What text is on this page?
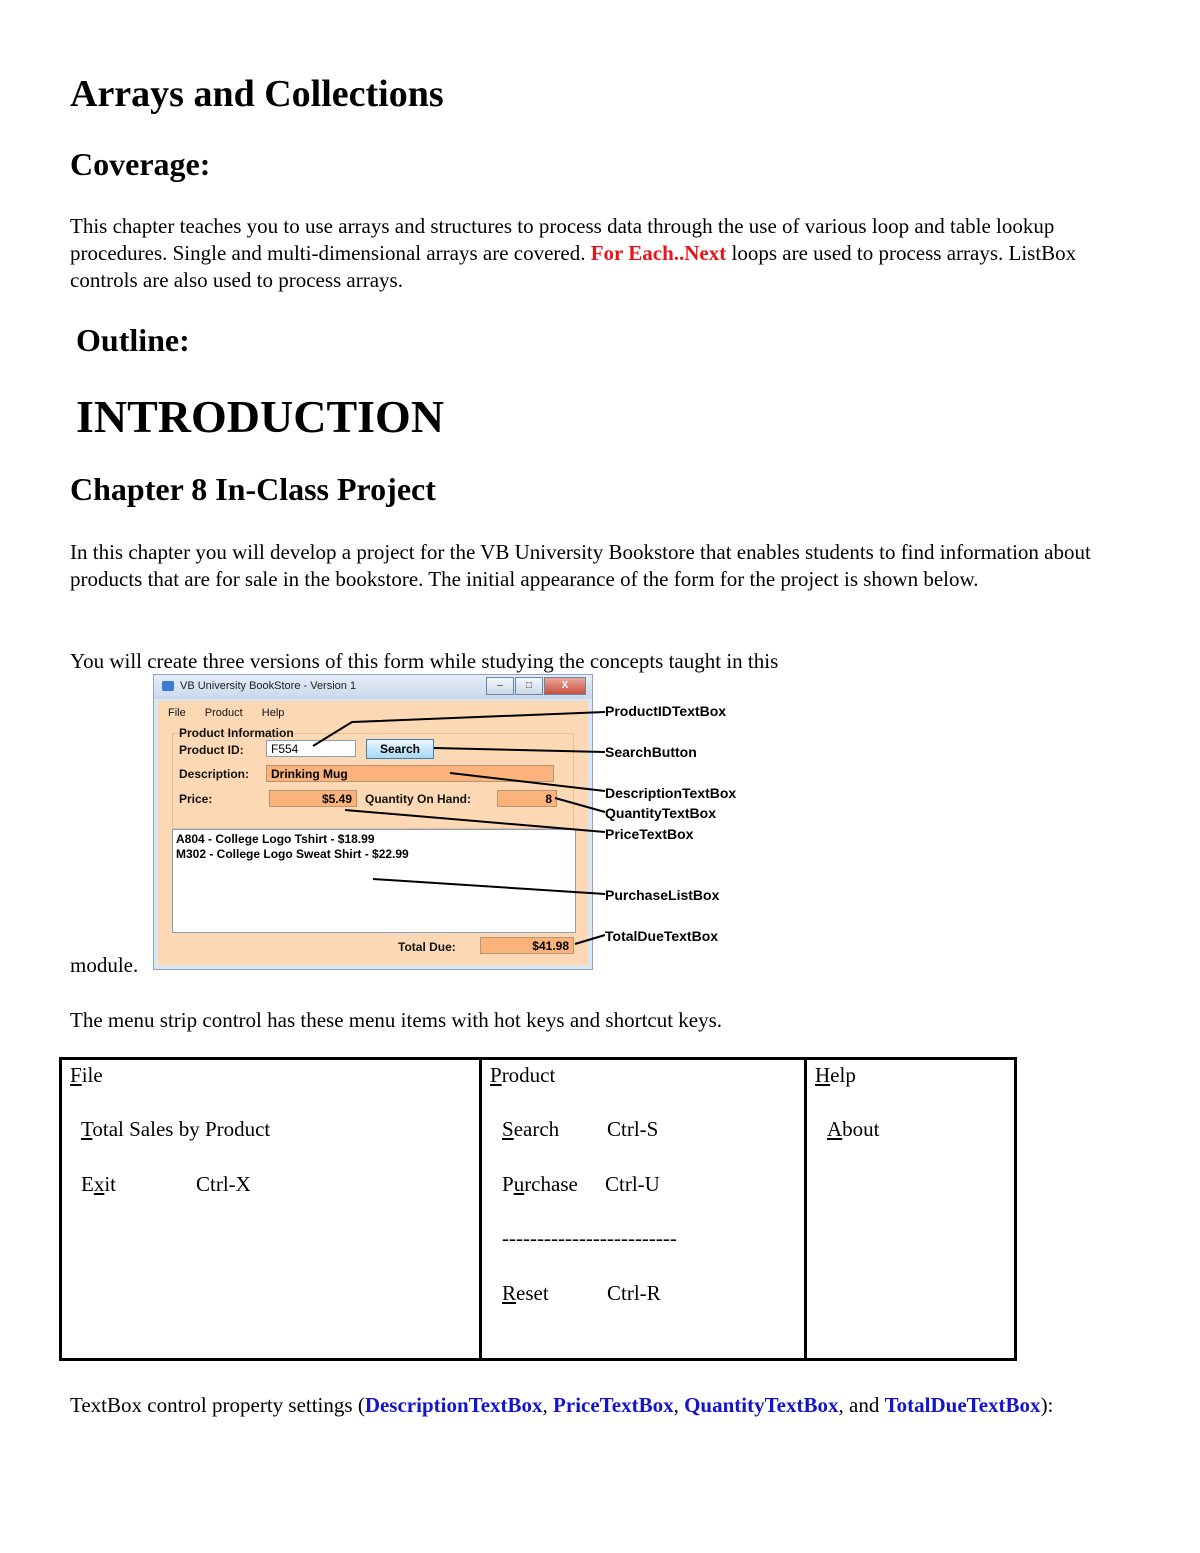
Arrays and Collections
Coverage:

This chapter teaches you to use arrays and structures to process data through the use of various loop and table lookup procedures. Single and multi-dimensional arrays are covered. For Each..Next loops are used to process arrays. ListBox controls are also used to process arrays.

Outline:
INTRODUCTION
Chapter 8 In-Class Project

In this chapter you will develop a project for the VB University Bookstore that enables students to find information about products that are for sale in the bookstore. The initial appearance of the form for the project is shown below.

You will create three versions of this form while studying the concepts taught in this

module.

VB University BookStore - Version 1	–	□	X
File Product Help
Product Information
Product ID:	F554	Search
Description:	Drinking Mug
Price:	$5.49	Quantity On Hand:	8
A804 - College Logo Tshirt - $18.99
M302 - College Logo Sweat Shirt - $22.99
Total Due:	$41.98
ProductIDTextBox
SearchButton
DescriptionTextBox
QuantityTextBox
PriceTextBox
PurchaseListBox
TotalDueTextBox

The menu strip control has these menu items with hot keys and shortcut keys.

File
Total Sales by Product
Exit	Ctrl-X
Product
Search Ctrl-S
Purchase Ctrl-U
-------------------------
Reset	Ctrl-R
Help
About

TextBox control property settings (DescriptionTextBox, PriceTextBox, QuantityTextBox, and TotalDueTextBox):
